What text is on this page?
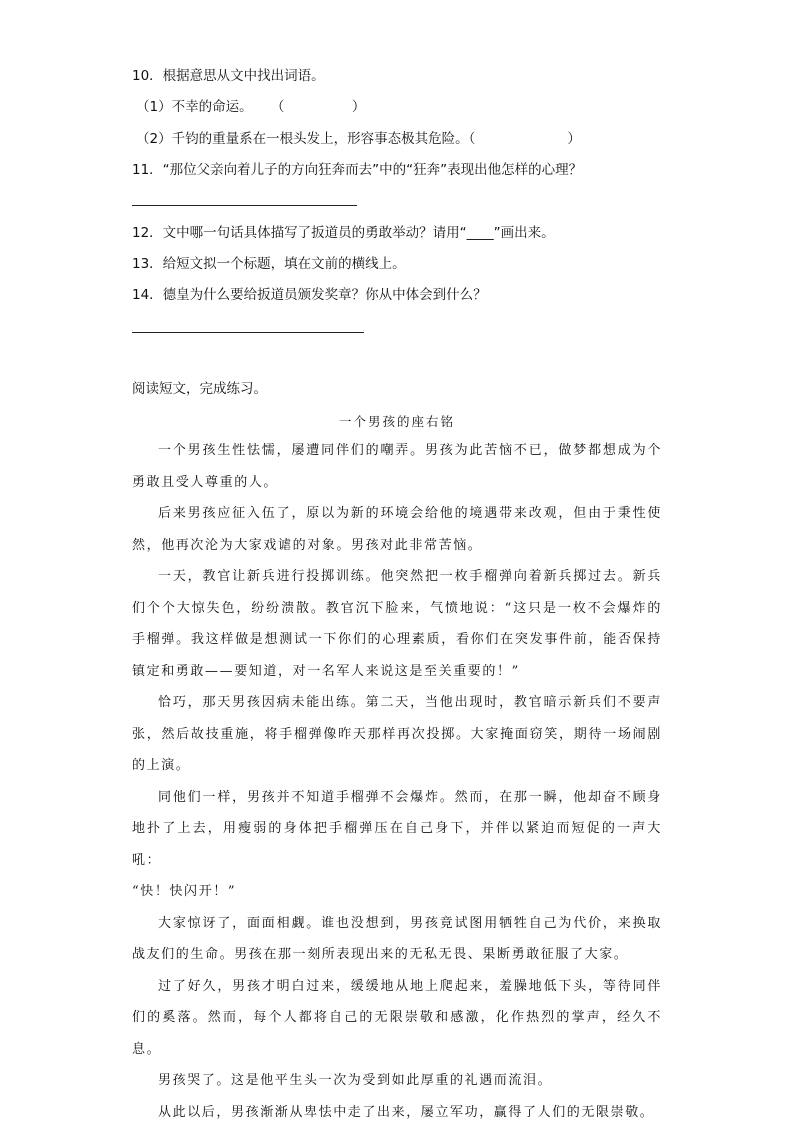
10．根据意思从文中找出词语。
（1）不幸的命运。 （　　　　　）
（2）千钧的重量系在一根头发上，形容事态极其危险。（	）
11．“那位父亲向着儿子的方向狂奔而去”中的“狂奔”表现出他怎样的心理？
12．文中哪一句话具体描写了扳道员的勇敢举动？请用“____”画出来。
13．给短文拟一个标题，填在文前的横线上。
14．德皇为什么要给扳道员颁发奖章？你从中体会到什么？
阅读短文，完成练习。
一个男孩的座右铭

一个男孩生性怯懦，屡遭同伴们的嘲弄。男孩为此苦恼不已，做梦都想成为个勇敢且受人尊重的人。

后来男孩应征入伍了，原以为新的环境会给他的境遇带来改观，但由于秉性使然，他再次沦为大家戏谑的对象。男孩对此非常苦恼。

一天，教官让新兵进行投掷训练。他突然把一枚手榴弹向着新兵掷过去。新兵们个个大惊失色，纷纷溃散。教官沉下脸来，气愤地说：“这只是一枚不会爆炸的手榴弹。我这样做是想测试一下你们的心理素质，看你们在突发事件前，能否保持镇定和勇敢——要知道，对一名军人来说这是至关重要的！”

恰巧，那天男孩因病未能出练。第二天，当他出现时，教官暗示新兵们不要声张，然后故技重施，将手榴弹像昨天那样再次投掷。大家掩面窃笑，期待一场闹剧的上演。

同他们一样，男孩并不知道手榴弹不会爆炸。然而，在那一瞬，他却奋不顾身地扑了上去，用瘦弱的身体把手榴弹压在自己身下，并伴以紧迫而短促的一声大吼：

“快！快闪开！”

大家惊讶了，面面相觑。谁也没想到，男孩竟试图用牺牲自己为代价，来换取战友们的生命。男孩在那一刻所表现出来的无私无畏、果断勇敢征服了大家。

过了好久，男孩才明白过来，缓缓地从地上爬起来，羞臊地低下头，等待同伴们的奚落。然而，每个人都将自己的无限崇敬和感激，化作热烈的掌声，经久不息。

男孩哭了。这是他平生头一次为受到如此厚重的礼遇而流泪。

从此以后，男孩渐渐从卑怯中走了出来，屡立军功，赢得了人们的无限崇敬。
